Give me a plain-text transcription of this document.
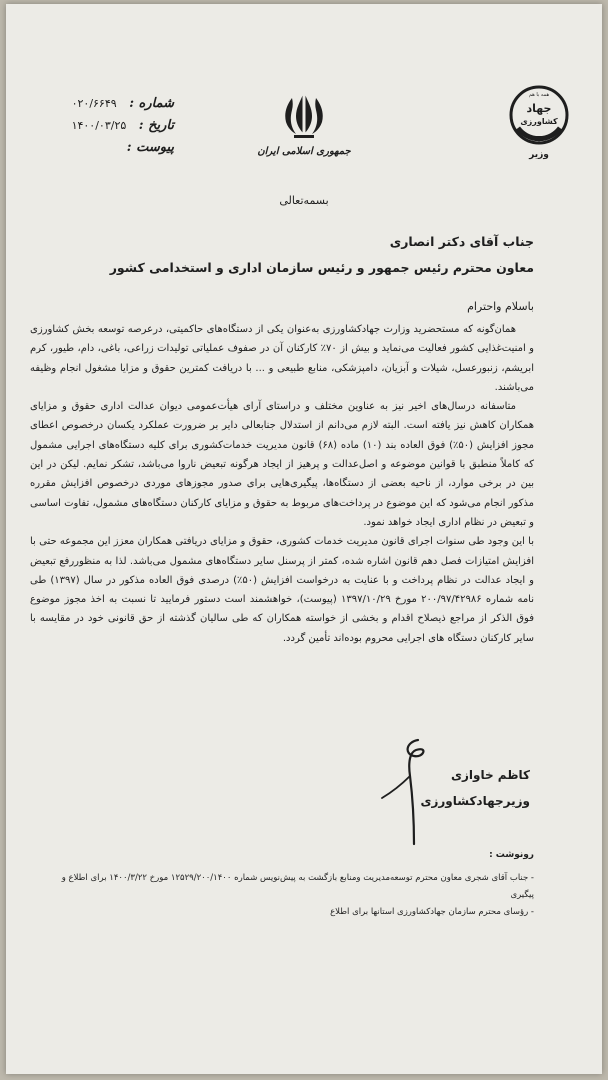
شماره : ۰۲۰/۶۶۴۹
تاریخ : ۱۴۰۰/۰۳/۲۵
پیوست :	جمهوری اسلامی ایران
جهاد
کشاورزی
همه با هم
وزیر
بسمه‌تعالی
جناب آقای دکتر انصاری
معاون محترم رئیس جمهور و رئیس سازمان اداری و استخدامی کشور
باسلام واحترام

همان‌گونه که مستحضرید وزارت جهادکشاورزی به‌عنوان یکی از دستگاه‌های حاکمیتی، درعرصه توسعه بخش کشاورزی و امنیت‌غذایی کشور فعالیت می‌نماید و بیش از ۷۰٪ کارکنان آن در صفوف عملیاتی تولیدات زراعی، باغی، دام، طیور، کرم ابریشم، زنبورعسل، شیلات و آبزیان، دامپزشکی، منابع طبیعی و ... با دریافت کمترین حقوق و مزایا مشغول انجام وظیفه می‌باشند.

متاسفانه درسال‌های اخیر نیز به عناوین مختلف و دراستای آرای هیأت‌عمومی دیوان عدالت اداری حقوق و مزایای همکاران کاهش نیز یافته است. البته لازم می‌دانم از استدلال جنابعالی دایر بر ضرورت عملکرد یکسان درخصوص اعطای مجوز افزایش (۵۰٪) فوق العاده بند (۱۰) ماده (۶۸) قانون مدیریت خدمات‌کشوری برای کلیه دستگاه‌های اجرایی مشمول که کاملاً منطبق با قوانین موضوعه و اصل‌عدالت و پرهیز از ایجاد هرگونه تبعیض ناروا می‌باشد، تشکر نمایم. لیکن در این بین در برخی موارد، از ناحیه بعضی از دستگاه‌ها، پیگیری‌هایی برای صدور مجوزهای موردی درخصوص افزایش مقرره مذکور انجام می‌شود که این موضوع در پرداخت‌های مربوط به حقوق و مزایای کارکنان دستگاه‌های مشمول، تفاوت اساسی و تبعیض در نظام اداری ایجاد خواهد نمود.

با این وجود طی سنوات اجرای قانون مدیریت خدمات کشوری، حقوق و مزایای دریافتی همکاران معزز این مجموعه حتی با افزایش امتیازات فصل دهم قانون اشاره شده، کمتر از پرسنل سایر دستگاه‌های مشمول می‌باشد. لذا به منظوررفع تبعیض و ایجاد عدالت در نظام پرداخت و با عنایت به درخواست افزایش (۵۰٪) درصدی فوق العاده مذکور در سال (۱۳۹۷) طی نامه شماره ۲۰۰/۹۷/۴۲۹۸۶ مورخ ۱۳۹۷/۱۰/۲۹ (پیوست)، خواهشمند است دستور فرمایید تا نسبت به اخذ مجوز موضوع فوق الذکر از مراجع ذیصلاح اقدام و بخشی از خواسته همکاران که طی سالیان گذشته از حق قانونی خود در مقایسه با سایر کارکنان دستگاه های اجرایی محروم بوده‌اند تأمین گردد.

کاظم خاوازی
وزیرجهادکشاورزی
رونوشت :
- جناب آقای شجری معاون محترم توسعه‌مدیریت ومنابع بازگشت به پیش‌نویس شماره ۱۲۵۲۹/۲۰۰/۱۴۰۰ مورخ ۱۴۰۰/۳/۲۲ برای اطلاع و پیگیری
- رؤسای محترم سازمان جهادکشاورزی استانها برای اطلاع
